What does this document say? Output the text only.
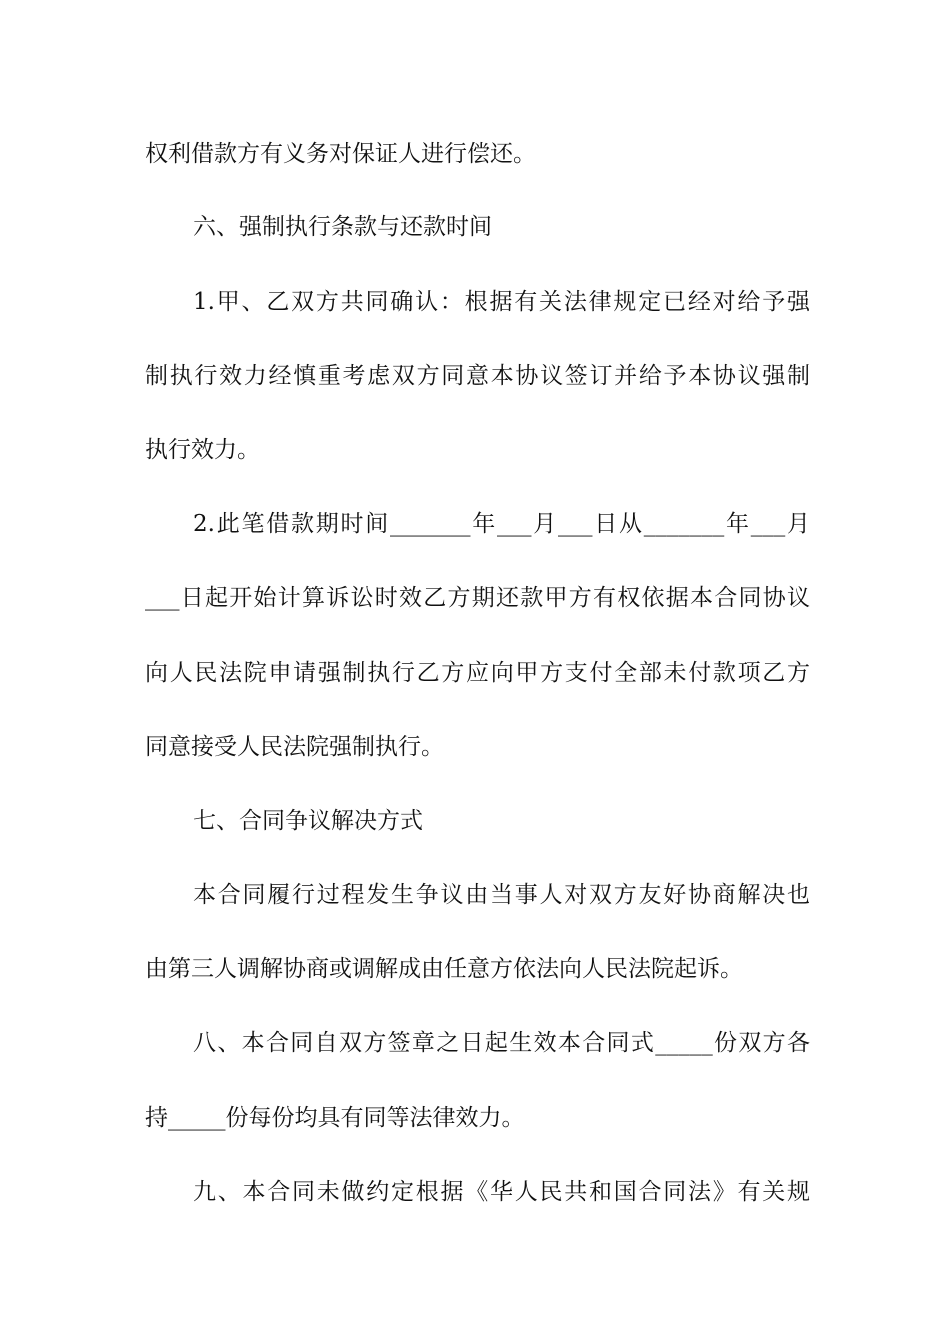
权利借款方有义务对保证人进行偿还。
六、强制执行条款与还款时间
1.甲、乙双方共同确认：根据有关法律规定已经对给予强
制执行效力经慎重考虑双方同意本协议签订并给予本协议强制
执行效力。
2.此笔借款期时间_______年___月___日从_______年___月
___日起开始计算诉讼时效乙方期还款甲方有权依据本合同协议
向人民法院申请强制执行乙方应向甲方支付全部未付款项乙方
同意接受人民法院强制执行。
七、合同争议解决方式
本合同履行过程发生争议由当事人对双方友好协商解决也
由第三人调解协商或调解成由任意方依法向人民法院起诉。
八、本合同自双方签章之日起生效本合同式_____份双方各
持_____份每份均具有同等法律效力。
九、本合同未做约定根据《华人民共和国合同法》有关规
